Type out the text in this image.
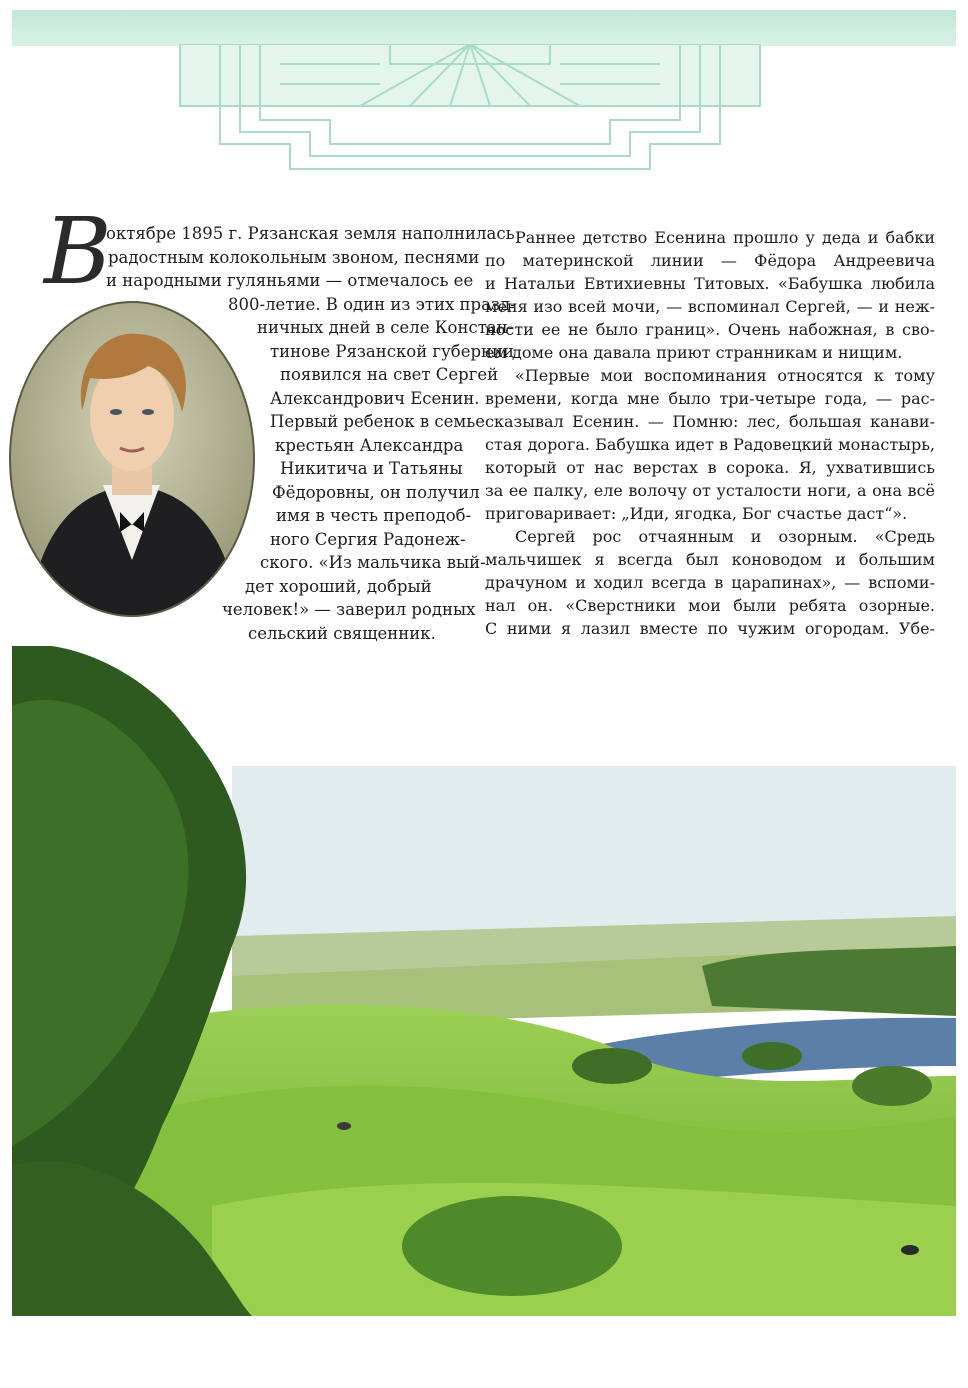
В
октябре 1895 г. Рязанская земля наполнилась
радостным колокольным звоном, песнями
и народными гуляньями — отмечалось ее
800-летие. В один из этих празд-
ничных дней в селе Констан-
тинове Рязанской губернии
появился на свет Сергей
Александрович Есенин.
Первый ребенок в семье
крестьян Александра
Никитича и Татьяны
Фёдоровны, он получил
имя в честь преподоб-
ного Сергия Радонеж-
ского. «Из мальчика вый-
дет хороший, добрый
человек!» — заверил родных
сельский священник.
Раннее детство Есенина прошло у деда и бабки
по материнской линии — Фёдора Андреевича
и Натальи Евтихиевны Титовых. «Бабушка любила
меня изо всей мочи, — вспоминал Сергей, — и неж-
ности ее не было границ». Очень набожная, в сво-
ем доме она давала приют странникам и нищим.
«Первые мои воспоминания относятся к тому
времени, когда мне было три-четыре года, — рас-
сказывал Есенин. — Помню: лес, большая канави-
стая дорога. Бабушка идет в Радовецкий монастырь,
который от нас верстах в сорока. Я, ухватившись
за ее палку, еле волочу от усталости ноги, а она всё
приговаривает: „Иди, ягодка, Бог счастье даст“».
Сергей рос отчаянным и озорным. «Средь
мальчишек я всегда был коноводом и большим
драчуном и ходил всегда в царапинах», — вспоми-
нал он. «Сверстники мои были ребята озорные.
С ними я лазил вместе по чужим огородам. Убе-
